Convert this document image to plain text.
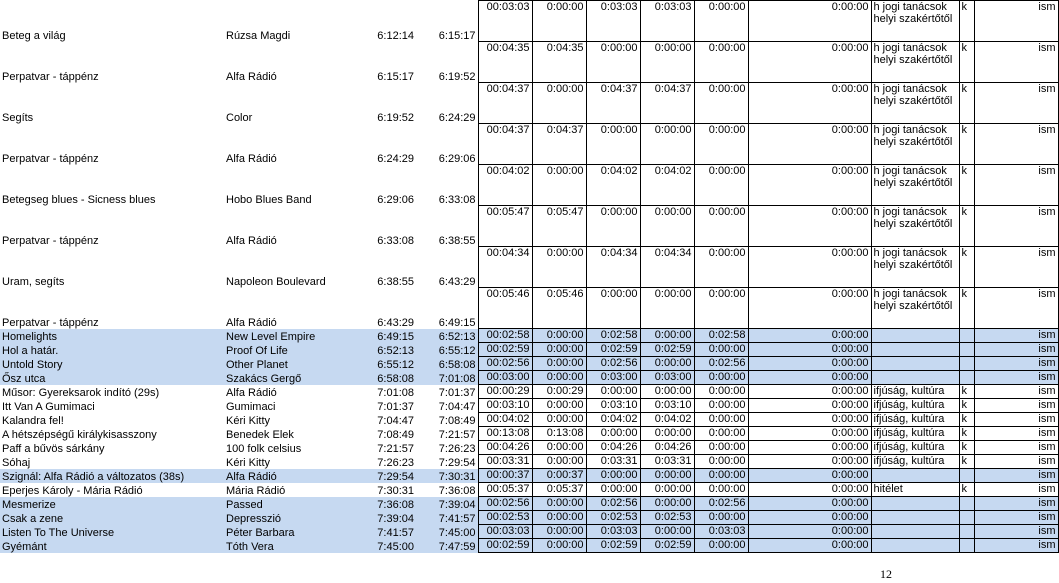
Beteg a világ	Rúzsa Magdi	6:12:14	6:15:17	00:03:03	0:00:00	0:03:03	0:03:03	0:00:00	0:00:00	h jogi tanácsok helyi szakértőtől	k	ism
Perpatvar - táppénz	Alfa Rádió	6:15:17	6:19:52	00:04:35	0:04:35	0:00:00	0:00:00	0:00:00	0:00:00	h jogi tanácsok helyi szakértőtől	k	ism
Segíts	Color	6:19:52	6:24:29	00:04:37	0:00:00	0:04:37	0:04:37	0:00:00	0:00:00	h jogi tanácsok helyi szakértőtől	k	ism
Perpatvar - táppénz	Alfa Rádió	6:24:29	6:29:06	00:04:37	0:04:37	0:00:00	0:00:00	0:00:00	0:00:00	h jogi tanácsok helyi szakértőtől	k	ism
Betegseg blues - Sicness blues	Hobo Blues Band	6:29:06	6:33:08	00:04:02	0:00:00	0:04:02	0:04:02	0:00:00	0:00:00	h jogi tanácsok helyi szakértőtől	k	ism
Perpatvar - táppénz	Alfa Rádió	6:33:08	6:38:55	00:05:47	0:05:47	0:00:00	0:00:00	0:00:00	0:00:00	h jogi tanácsok helyi szakértőtől	k	ism
Uram, segíts	Napoleon Boulevard	6:38:55	6:43:29	00:04:34	0:00:00	0:04:34	0:04:34	0:00:00	0:00:00	h jogi tanácsok helyi szakértőtől	k	ism
Perpatvar - táppénz	Alfa Rádió	6:43:29	6:49:15	00:05:46	0:05:46	0:00:00	0:00:00	0:00:00	0:00:00	h jogi tanácsok helyi szakértőtől	k	ism
Homelights	New Level Empire	6:49:15	6:52:13	00:02:58	0:00:00	0:02:58	0:00:00	0:02:58	0:00:00			ism
Hol a határ.	Proof Of Life	6:52:13	6:55:12	00:02:59	0:00:00	0:02:59	0:02:59	0:00:00	0:00:00			ism
Untold Story	Other Planet	6:55:12	6:58:08	00:02:56	0:00:00	0:02:56	0:00:00	0:02:56	0:00:00			ism
Ősz utca	Szakács Gergő	6:58:08	7:01:08	00:03:00	0:00:00	0:03:00	0:03:00	0:00:00	0:00:00			ism
Műsor: Gyereksarok indító (29s)	Alfa Rádió	7:01:08	7:01:37	00:00:29	0:00:29	0:00:00	0:00:00	0:00:00	0:00:00	ifjúság, kultúra	k	ism
Itt Van A Gumimaci	Gumimaci	7:01:37	7:04:47	00:03:10	0:00:00	0:03:10	0:03:10	0:00:00	0:00:00	ifjúság, kultúra	k	ism
Kalandra fel!	Kéri Kitty	7:04:47	7:08:49	00:04:02	0:00:00	0:04:02	0:04:02	0:00:00	0:00:00	ifjúság, kultúra	k	ism
A hétszépségű királykisasszony	Benedek Elek	7:08:49	7:21:57	00:13:08	0:13:08	0:00:00	0:00:00	0:00:00	0:00:00	ifjúság, kultúra	k	ism
Paff a bűvös sárkány	100 folk celsius	7:21:57	7:26:23	00:04:26	0:00:00	0:04:26	0:04:26	0:00:00	0:00:00	ifjúság, kultúra	k	ism
Sóhaj	Kéri Kitty	7:26:23	7:29:54	00:03:31	0:00:00	0:03:31	0:03:31	0:00:00	0:00:00	ifjúság, kultúra	k	ism
Szignál: Alfa Rádió a változatos (38s)	Alfa Rádió	7:29:54	7:30:31	00:00:37	0:00:37	0:00:00	0:00:00	0:00:00	0:00:00			ism
Eperjes Károly - Mária Rádió	Mária Rádió	7:30:31	7:36:08	00:05:37	0:05:37	0:00:00	0:00:00	0:00:00	0:00:00	hitélet	k	ism
Mesmerize	Passed	7:36:08	7:39:04	00:02:56	0:00:00	0:02:56	0:00:00	0:02:56	0:00:00			ism
Csak a zene	Depresszió	7:39:04	7:41:57	00:02:53	0:00:00	0:02:53	0:02:53	0:00:00	0:00:00			ism
Listen To The Universe	Péter Barbara	7:41:57	7:45:00	00:03:03	0:00:00	0:03:03	0:00:00	0:03:03	0:00:00			ism
Gyémánt	Tóth Vera	7:45:00	7:47:59	00:02:59	0:00:00	0:02:59	0:02:59	0:00:00	0:00:00			ism
12
